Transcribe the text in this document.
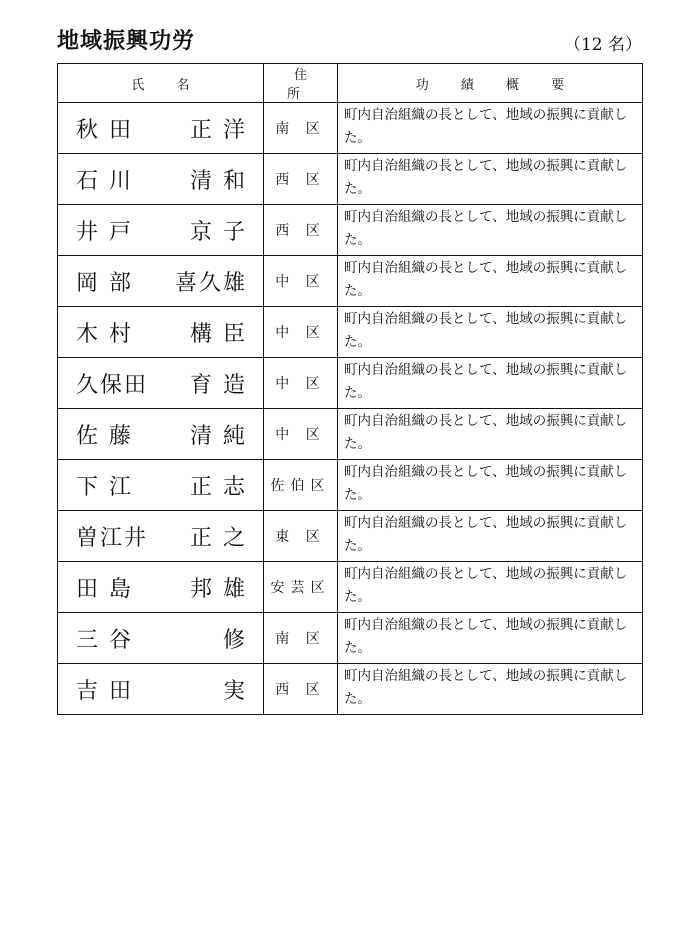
地域振興功労	（12 名）
氏 名	住 所	功 績 概 要

秋 田 正 洋	南 区	町内自治組織の長として、地域の振興に貢献した。

石 川 清 和	西 区	町内自治組織の長として、地域の振興に貢献した。

井 戸 京 子	西 区	町内自治組織の長として、地域の振興に貢献した。

岡 部 喜久雄	中 区	町内自治組織の長として、地域の振興に貢献した。

木 村 構 臣	中 区	町内自治組織の長として、地域の振興に貢献した。

久保田 育 造	中 区	町内自治組織の長として、地域の振興に貢献した。

佐 藤 清 純	中 区	町内自治組織の長として、地域の振興に貢献した。

下 江 正 志	佐伯区	町内自治組織の長として、地域の振興に貢献した。

曽江井 正 之	東 区	町内自治組織の長として、地域の振興に貢献した。

田 島 邦 雄	安芸区	町内自治組織の長として、地域の振興に貢献した。

三 谷 修	南 区	町内自治組織の長として、地域の振興に貢献した。

吉 田 実	西 区	町内自治組織の長として、地域の振興に貢献した。
